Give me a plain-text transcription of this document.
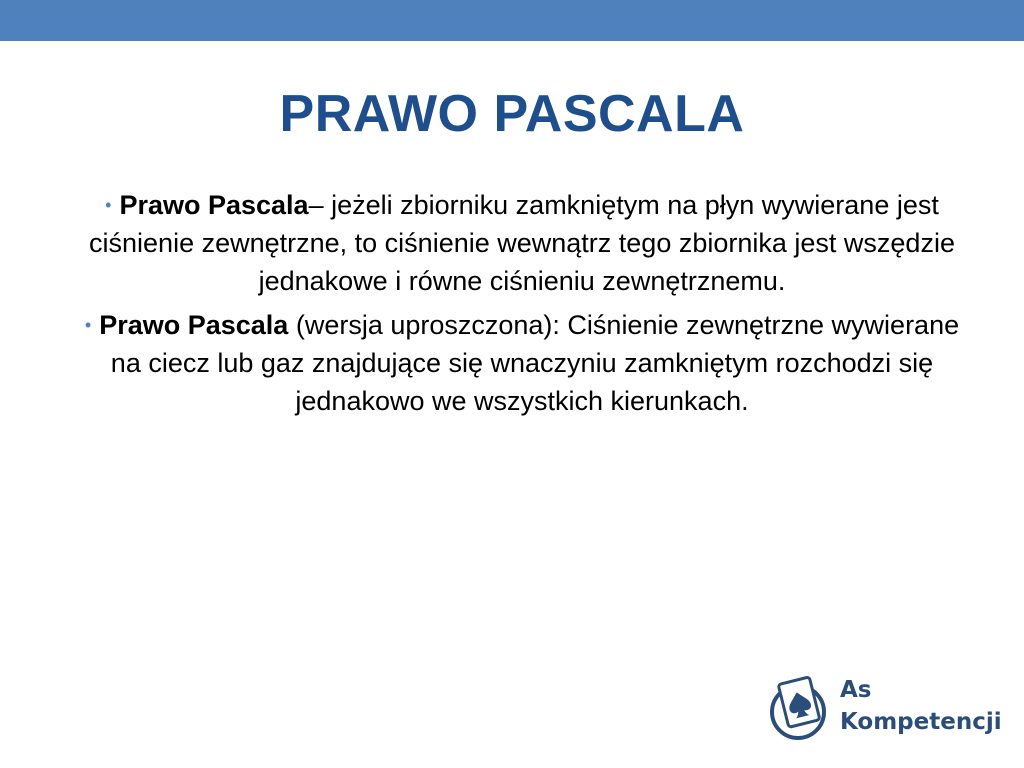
PRAWO PASCALA
• Prawo Pascala– jeżeli zbiorniku zamkniętym na płyn wywierane jest ciśnienie zewnętrzne, to ciśnienie wewnątrz tego zbiornika jest wszędzie jednakowe i równe ciśnieniu zewnętrznemu.
• Prawo Pascala (wersja uproszczona): Ciśnienie zewnętrzne wywierane na ciecz lub gaz znajdujące się wnaczyniu zamkniętym rozchodzi się jednakowo we wszystkich kierunkach.
As
Kompetencji
